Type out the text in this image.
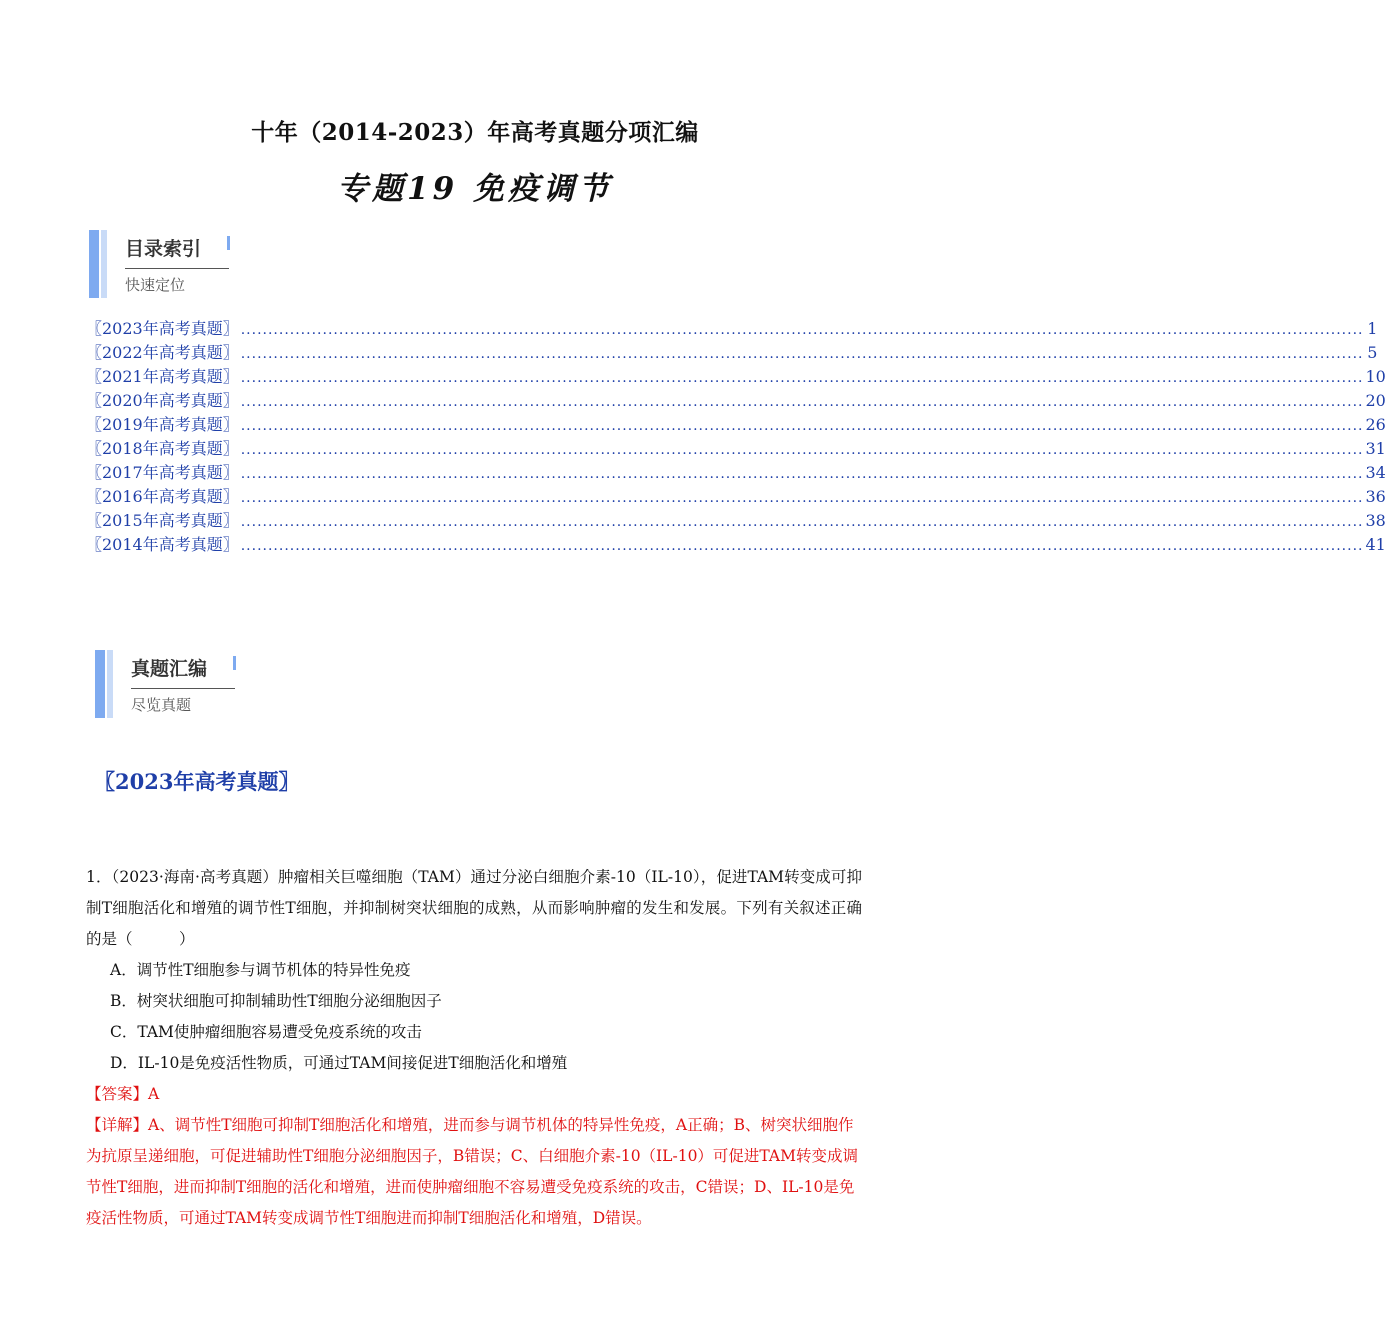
十年（2014-2023）年高考真题分项汇编
专题19 免疫调节
目录索引
快速定位
〖2023年高考真题〗 .............................................................................................................................................................................................................. 1
〖2022年高考真题〗 .............................................................................................................................................................................................................. 5
〖2021年高考真题〗 .............................................................................................................................................................................................................. 10
〖2020年高考真题〗 .............................................................................................................................................................................................................. 20
〖2019年高考真题〗 .............................................................................................................................................................................................................. 26
〖2018年高考真题〗 .............................................................................................................................................................................................................. 31
〖2017年高考真题〗 .............................................................................................................................................................................................................. 34
〖2016年高考真题〗 .............................................................................................................................................................................................................. 36
〖2015年高考真题〗 .............................................................................................................................................................................................................. 38
〖2014年高考真题〗 .............................................................................................................................................................................................................. 41
真题汇编
尽览真题
〖2023年高考真题〗
1．（2023·海南·高考真题）肿瘤相关巨噬细胞（TAM）通过分泌白细胞介素-10（IL-10），促进TAM转变成可抑制T细胞活化和增殖的调节性T细胞，并抑制树突状细胞的成熟，从而影响肿瘤的发生和发展。下列有关叙述正确的是（　　　）
A．调节性T细胞参与调节机体的特异性免疫
B．树突状细胞可抑制辅助性T细胞分泌细胞因子
C．TAM使肿瘤细胞容易遭受免疫系统的攻击
D．IL-10是免疫活性物质，可通过TAM间接促进T细胞活化和增殖
【答案】A
【详解】A、调节性T细胞可抑制T细胞活化和增殖，进而参与调节机体的特异性免疫，A正确；B、树突状细胞作为抗原呈递细胞，可促进辅助性T细胞分泌细胞因子，B错误；C、白细胞介素-10（IL-10）可促进TAM转变成调节性T细胞，进而抑制T细胞的活化和增殖，进而使肿瘤细胞不容易遭受免疫系统的攻击，C错误；D、IL-10是免疫活性物质，可通过TAM转变成调节性T细胞进而抑制T细胞活化和增殖，D错误。
